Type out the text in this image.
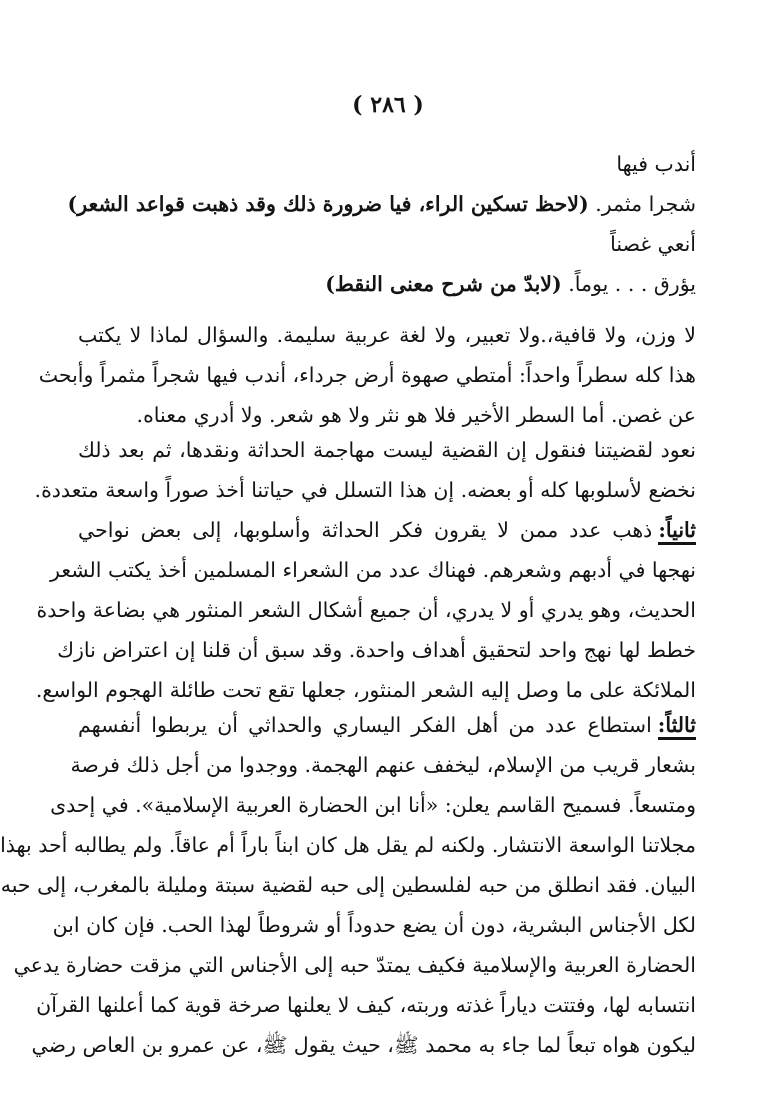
( ٢٨٦ )
أندب فيها
شجرا مثمر. (لاحظ تسكين الراء، فيا ضرورة ذلك وقد ذهبت قواعد الشعر)
أنعي غصناً
يؤرق . . . يوماً. (لابدّ من شرح معنى النقط)
لا وزن، ولا قافية،.ولا تعبير، ولا لغة عربية سليمة. والسؤال لماذا لا يكتب
هذا كله سطراً واحداً: أمتطي صهوة أرض جرداء، أندب فيها شجراً مثمراً وأبحث
عن غصن. أما السطر الأخير فلا هو نثر ولا هو شعر. ولا أدري معناه.
نعود لقضيتنا فنقول إن القضية ليست مهاجمة الحداثة ونقدها، ثم بعد ذلك
نخضع لأسلوبها كله أو بعضه. إن هذا التسلل في حياتنا أخذ صوراً واسعة متعددة.
ثانياً:ذهب عدد ممن لا يقرون فكر الحداثة وأسلوبها، إلى بعض نواحي
نهجها في أدبهم وشعرهم. فهناك عدد من الشعراء المسلمين أخذ يكتب الشعر
الحديث، وهو يدري أو لا يدري، أن جميع أشكال الشعر المنثور هي بضاعة واحدة
خطط لها نهج واحد لتحقيق أهداف واحدة. وقد سبق أن قلنا إن اعتراض نازك
الملائكة على ما وصل إليه الشعر المنثور، جعلها تقع تحت طائلة الهجوم الواسع.
ثالثاً:استطاع عدد من أهل الفكر اليساري والحداثي أن يربطوا أنفسهم
بشعار قريب من الإسلام، ليخفف عنهم الهجمة. ووجدوا من أجل ذلك فرصة
ومتسعاً. فسميح القاسم يعلن: «أنا ابن الحضارة العربية الإسلامية». في إحدى
مجلاتنا الواسعة الانتشار. ولكنه لم يقل هل كان ابناً باراً أم عاقاً. ولم يطالبه أحد بهذا
البيان. فقد انطلق من حبه لفلسطين إلى حبه لقضية سبتة ومليلة بالمغرب، إلى حبه
لكل الأجناس البشرية، دون أن يضع حدوداً أو شروطاً لهذا الحب. فإن كان ابن
الحضارة العربية والإسلامية فكيف يمتدّ حبه إلى الأجناس التي مزقت حضارة يدعي
انتسابه لها، وفتتت دياراً غذته وربته، كيف لا يعلنها صرخة قوية كما أعلنها القرآن
ليكون هواه تبعاً لما جاء به محمد ﷺ، حيث يقول ﷺ، عن عمرو بن العاص رضي
